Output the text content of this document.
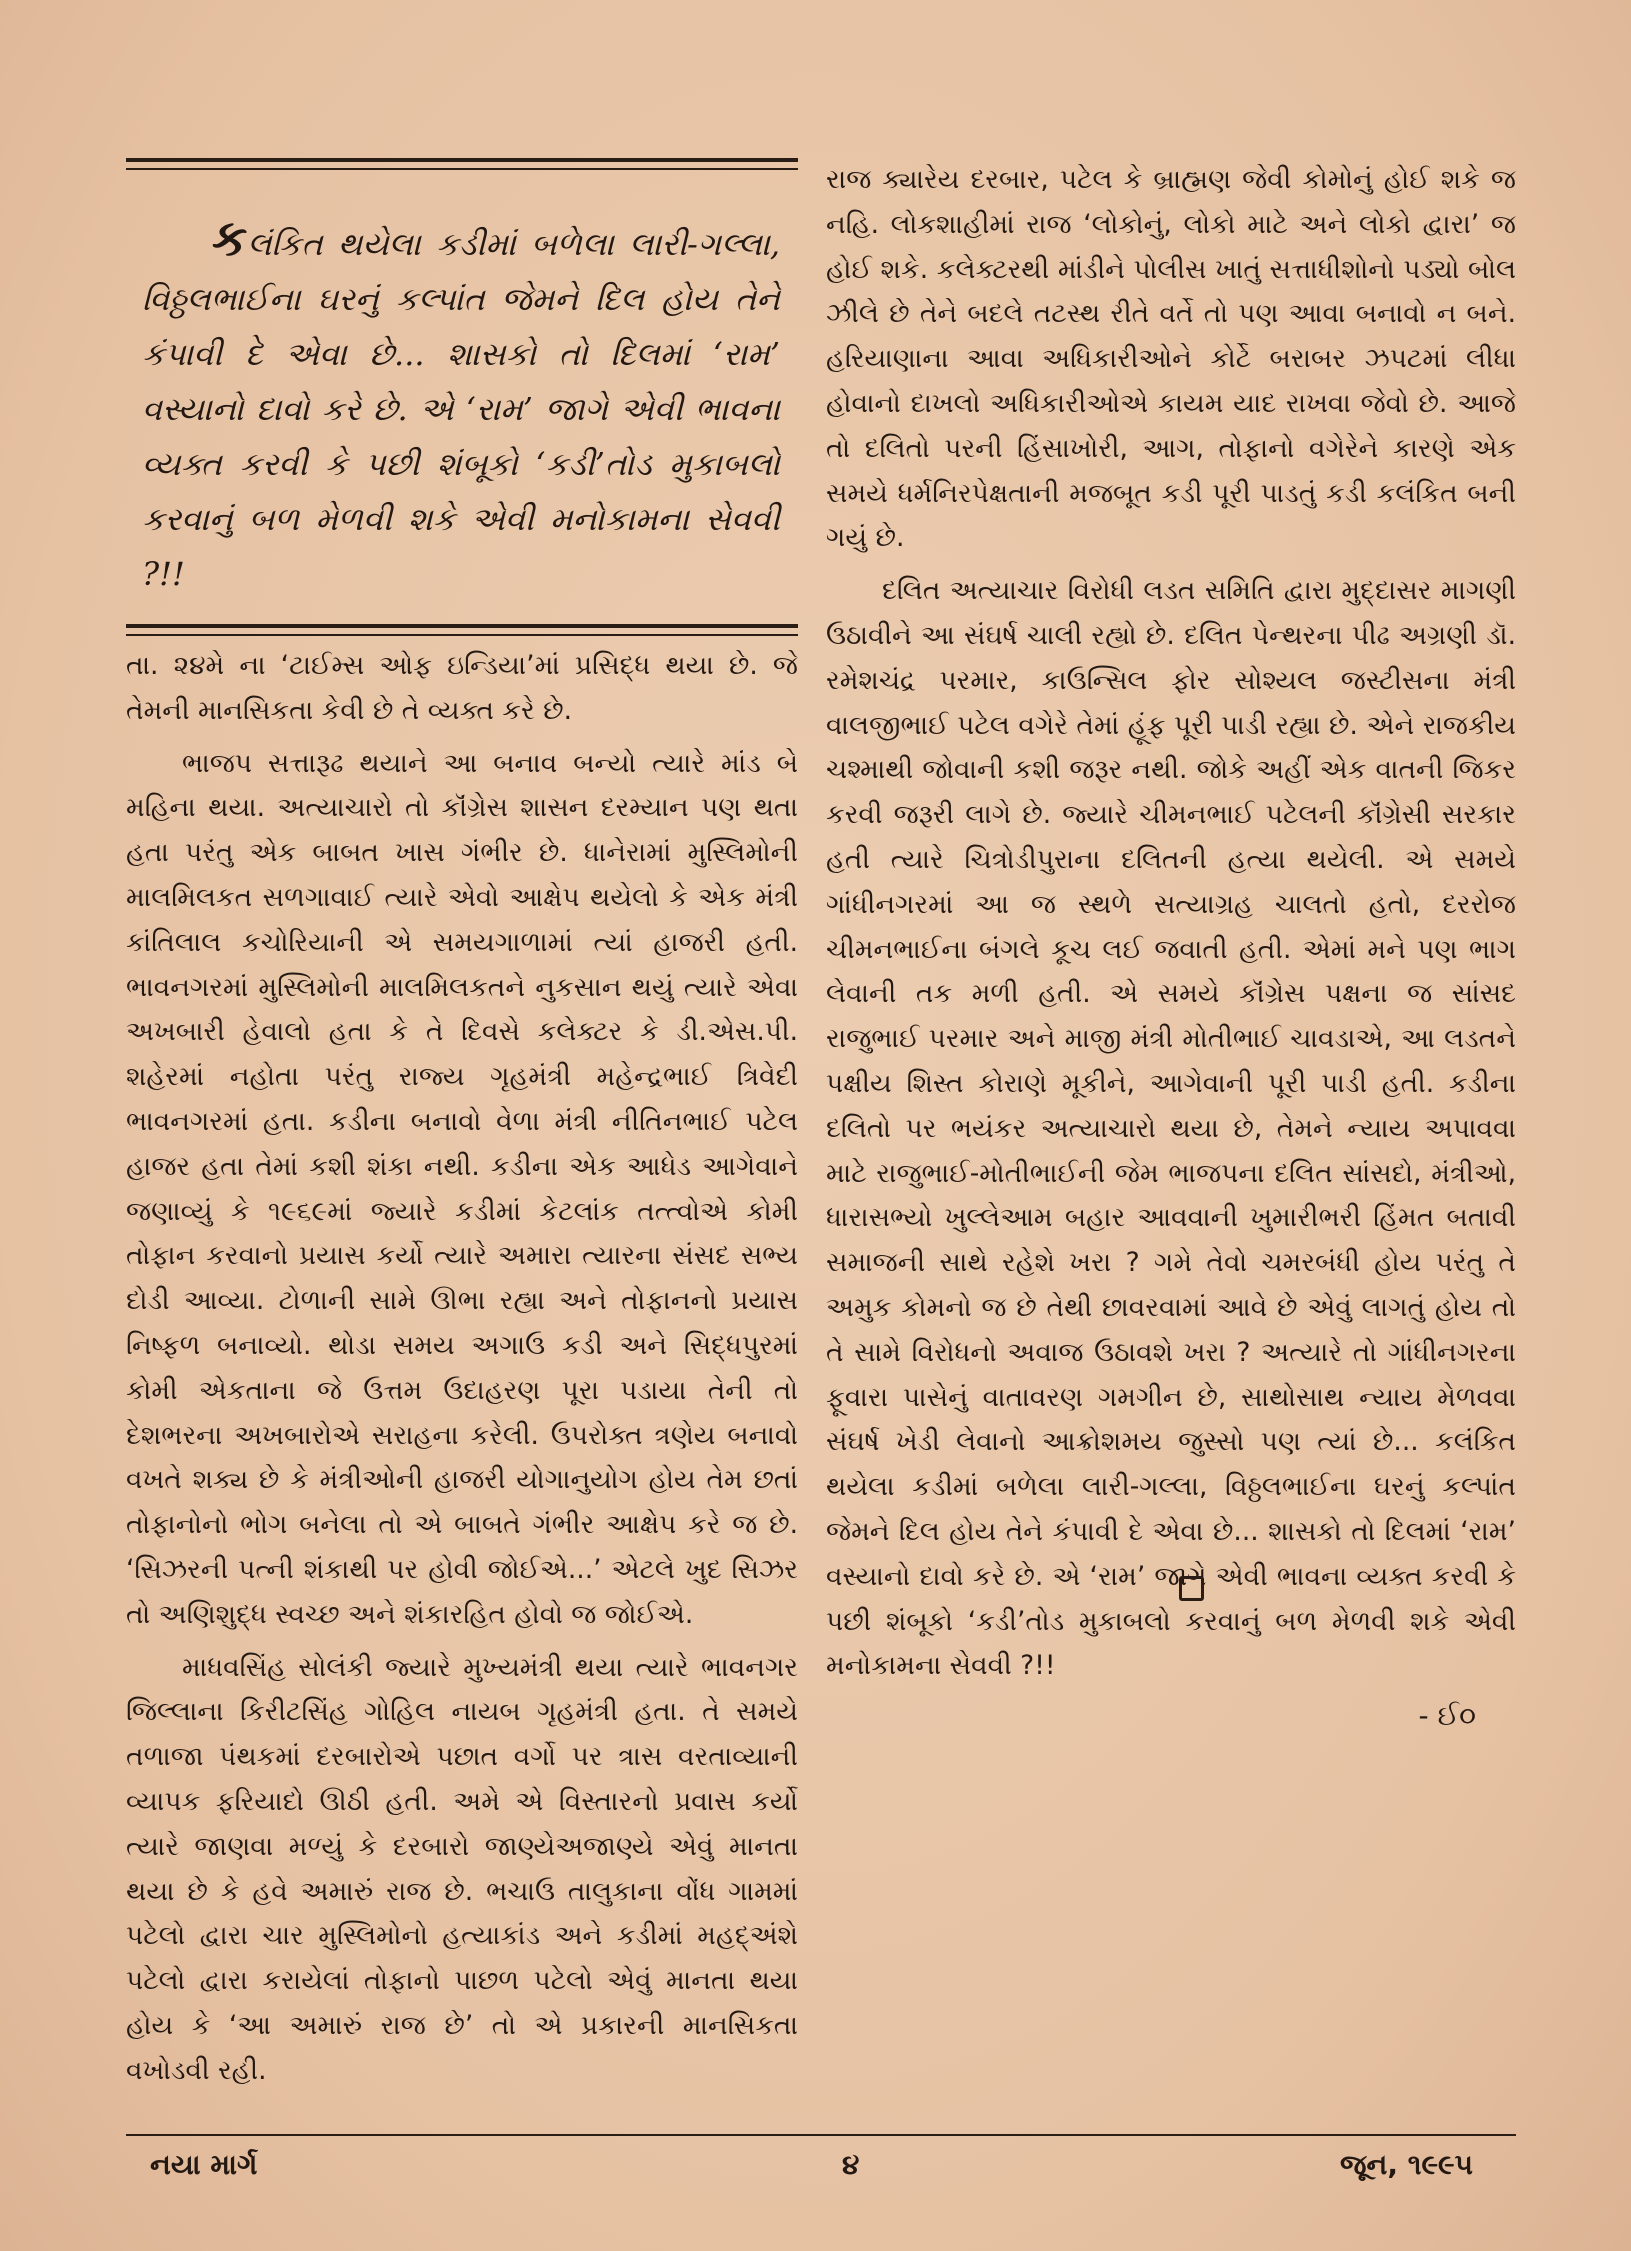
કલંકિત થયેલા કડીમાં બળેલા લારી-ગલ્લા, વિઠ્ઠલભાઈના ઘરનું કલ્પાંત જેમને દિલ હોય તેને કંપાવી દે એવા છે... શાસકો તો દિલમાં ‘રામ’ વસ્યાનો દાવો કરે છે. એ ‘રામ’ જાગે એવી ભાવના વ્યક્ત કરવી કે પછી શંબૂકો ‘કડી’તોડ મુકાબલો કરવાનું બળ મેળવી શકે એવી મનોકામના સેવવી ?!!

તા. ૨૪મે ના ‘ટાઈમ્સ ઓફ ઇન્ડિયા’માં પ્રસિદ્ધ થયા છે. જે તેમની માનસિકતા કેવી છે તે વ્યક્ત કરે છે.

ભાજપ સત્તારૂઢ થયાને આ બનાવ બન્યો ત્યારે માંડ બે મહિના થયા. અત્યાચારો તો કૉંગ્રેસ શાસન દરમ્યાન પણ થતા હતા પરંતુ એક બાબત ખાસ ગંભીર છે. ધાનેરામાં મુસ્લિમોની માલમિલકત સળગાવાઈ ત્યારે એવો આક્ષેપ થયેલો કે એક મંત્રી કાંતિલાલ કચોરિયાની એ સમયગાળામાં ત્યાં હાજરી હતી. ભાવનગરમાં મુસ્લિમોની માલમિલકતને નુકસાન થયું ત્યારે એવા અખબારી હેવાલો હતા કે તે દિવસે કલેક્ટર કે ડી.એસ.પી. શહેરમાં નહોતા પરંતુ રાજ્ય ગૃહમંત્રી મહેન્દ્રભાઈ ત્રિવેદી ભાવનગરમાં હતા. કડીના બનાવો વેળા મંત્રી નીતિનભાઈ પટેલ હાજર હતા તેમાં કશી શંકા નથી. કડીના એક આધેડ આગેવાને જણાવ્યું કે ૧૯૬૯માં જ્યારે કડીમાં કેટલાંક તત્ત્વોએ કોમી તોફાન કરવાનો પ્રયાસ કર્યો ત્યારે અમારા ત્યારના સંસદ સભ્ય દોડી આવ્યા. ટોળાની સામે ઊભા રહ્યા અને તોફાનનો પ્રયાસ નિષ્ફળ બનાવ્યો. થોડા સમય અગાઉ કડી અને સિદ્ધપુરમાં કોમી એકતાના જે ઉત્તમ ઉદાહરણ પૂરા પડાયા તેની તો દેશભરના અખબારોએ સરાહના કરેલી. ઉપરોક્ત ત્રણેય બનાવો વખતે શક્ય છે કે મંત્રીઓની હાજરી યોગાનુયોગ હોય તેમ છતાં તોફાનોનો ભોગ બનેલા તો એ બાબતે ગંભીર આક્ષેપ કરે જ છે. ‘સિઝરની પત્ની શંકાથી પર હોવી જોઈએ...’ એટલે ખુદ સિઝર તો અણિશુદ્ધ સ્વચ્છ અને શંકારહિત હોવો જ જોઈએ.

માધવસિંહ સોલંકી જ્યારે મુખ્યમંત્રી થયા ત્યારે ભાવનગર જિલ્લાના કિરીટસિંહ ગોહિલ નાયબ ગૃહમંત્રી હતા. તે સમયે તળાજા પંથકમાં દરબારોએ પછાત વર્ગો પર ત્રાસ વરતાવ્યાની વ્યાપક ફરિયાદો ઊઠી હતી. અમે એ વિસ્તારનો પ્રવાસ કર્યો ત્યારે જાણવા મળ્યું કે દરબારો જાણ્યેઅજાણ્યે એવું માનતા થયા છે કે હવે અમારું રાજ છે. ભચાઉ તાલુકાના વોંધ ગામમાં પટેલો દ્વારા ચાર મુસ્લિમોનો હત્યાકાંડ અને કડીમાં મહદ્અંશે પટેલો દ્વારા કરાયેલાં તોફાનો પાછળ પટેલો એવું માનતા થયા હોય કે ‘આ અમારું રાજ છે’ તો એ પ્રકારની માનસિકતા વખોડવી રહી.

રાજ ક્યારેય દરબાર, પટેલ કે બ્રાહ્મણ જેવી કોમોનું હોઈ શકે જ નહિ. લોકશાહીમાં રાજ ‘લોકોનું, લોકો માટે અને લોકો દ્વારા’ જ હોઈ શકે. કલેક્ટરથી માંડીને પોલીસ ખાતું સત્તાધીશોનો પડ્યો બોલ ઝીલે છે તેને બદલે તટસ્થ રીતે વર્તે તો પણ આવા બનાવો ન બને. હરિયાણાના આવા અધિકારીઓને કોર્ટે બરાબર ઝપટમાં લીધા હોવાનો દાખલો અધિકારીઓએ કાયમ યાદ રાખવા જેવો છે. આજે તો દલિતો પરની હિંસાખોરી, આગ, તોફાનો વગેરેને કારણે એક સમયે ધર્મનિરપેક્ષતાની મજબૂત કડી પૂરી પાડતું કડી કલંકિત બની ગયું છે.

દલિત અત્યાચાર વિરોધી લડત સમિતિ દ્વારા મુદ્દાસર માગણી ઉઠાવીને આ સંઘર્ષ ચાલી રહ્યો છે. દલિત પેન્થરના પીઢ અગ્રણી ડૉ. રમેશચંદ્ર પરમાર, કાઉન્સિલ ફોર સોશ્યલ જસ્ટીસના મંત્રી વાલજીભાઈ પટેલ વગેરે તેમાં હૂંફ પૂરી પાડી રહ્યા છે. એને રાજકીય ચશ્માથી જોવાની કશી જરૂર નથી. જોકે અહીં એક વાતની જિકર કરવી જરૂરી લાગે છે. જ્યારે ચીમનભાઈ પટેલની કૉંગ્રેસી સરકાર હતી ત્યારે ચિત્રોડીપુરાના દલિતની હત્યા થયેલી. એ સમયે ગાંધીનગરમાં આ જ સ્થળે સત્યાગ્રહ ચાલતો હતો, દરરોજ ચીમનભાઈના બંગલે કૂચ લઈ જવાતી હતી. એમાં મને પણ ભાગ લેવાની તક મળી હતી. એ સમયે કૉંગ્રેસ પક્ષના જ સાંસદ રાજુભાઈ પરમાર અને માજી મંત્રી મોતીભાઈ ચાવડાએ, આ લડતને પક્ષીય શિસ્ત કોરાણે મૂકીને, આગેવાની પૂરી પાડી હતી. કડીના દલિતો પર ભયંકર અત્યાચારો થયા છે, તેમને ન્યાય અપાવવા માટે રાજુભાઈ-મોતીભાઈની જેમ ભાજપના દલિત સાંસદો, મંત્રીઓ, ધારાસભ્યો ખુલ્લેઆમ બહાર આવવાની ખુમારીભરી હિંમત બતાવી સમાજની સાથે રહેશે ખરા ? ગમે તેવો ચમરબંધી હોય પરંતુ તે અમુક કોમનો જ છે તેથી છાવરવામાં આવે છે એવું લાગતું હોય તો તે સામે વિરોધનો અવાજ ઉઠાવશે ખરા ? અત્યારે તો ગાંધીનગરના ફૂવારા પાસેનું વાતાવરણ ગમગીન છે, સાથોસાથ ન્યાય મેળવવા સંઘર્ષ ખેડી લેવાનો આક્રોશમય જુસ્સો પણ ત્યાં છે... કલંકિત થયેલા કડીમાં બળેલા લારી-ગલ્લા, વિઠ્ઠલભાઈના ઘરનું કલ્પાંત જેમને દિલ હોય તેને કંપાવી દે એવા છે... શાસકો તો દિલમાં ‘રામ’ વસ્યાનો દાવો કરે છે. એ ‘રામ’ જાગે એવી ભાવના વ્યક્ત કરવી કે પછી શંબૂકો ‘કડી’તોડ મુકાબલો કરવાનું બળ મેળવી શકે એવી મનોકામના સેવવી ?!!

- ઈ૦
નયા માર્ગ	૪	જૂન, ૧૯૯૫
